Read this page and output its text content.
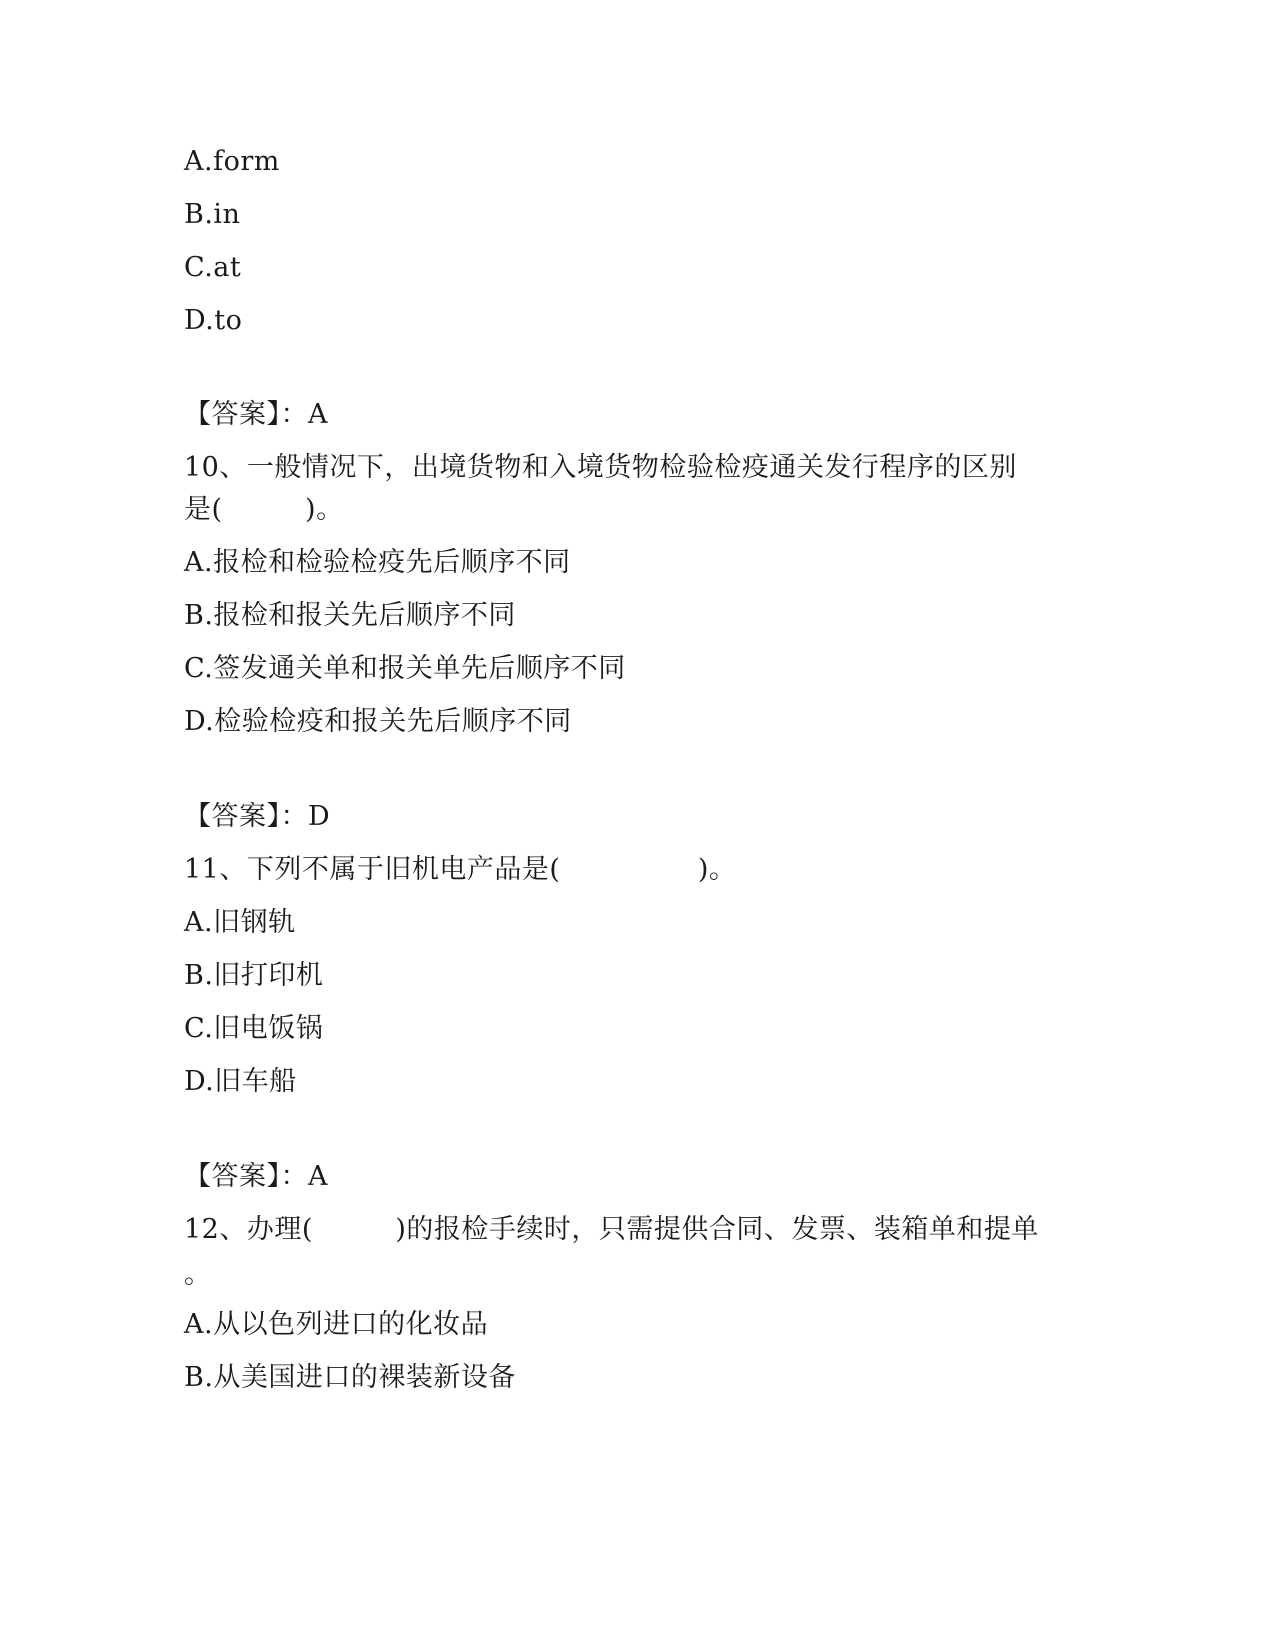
A.form
B.in
C.at
D.to
【答案】：A
10、一般情况下，出境货物和入境货物检验检疫通关发行程序的区别
是(　　　)。
A.报检和检验检疫先后顺序不同
B.报检和报关先后顺序不同
C.签发通关单和报关单先后顺序不同
D.检验检疫和报关先后顺序不同
【答案】：D
11、下列不属于旧机电产品是(　　　　　)。
A.旧钢轨
B.旧打印机
C.旧电饭锅
D.旧车船
【答案】：A
12、办理(　　　)的报检手续时，只需提供合同、发票、装箱单和提单
。
A.从以色列进口的化妆品
B.从美国进口的裸装新设备
